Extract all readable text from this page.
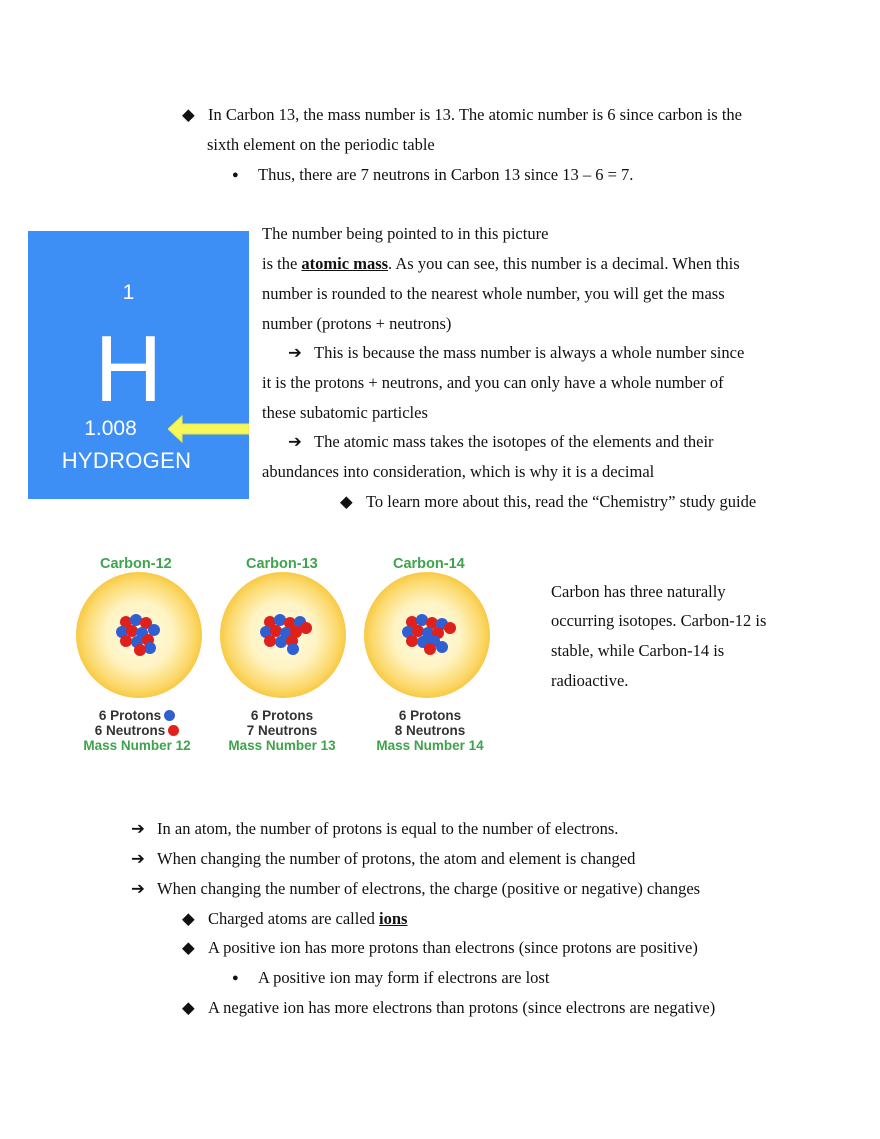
◆ In Carbon 13, the mass number is 13. The atomic number is 6 since carbon is the
sixth element on the periodic table
● Thus, there are 7 neutrons in Carbon 13 since 13 – 6 = 7.
1
H
1.008
HYDROGEN
The number being pointed to in this picture
is the atomic mass. As you can see, this number is a decimal. When this
number is rounded to the nearest whole number, you will get the mass
number (protons + neutrons)
➔ This is because the mass number is always a whole number since
it is the protons + neutrons, and you can only have a whole number of
these subatomic particles
➔ The atomic mass takes the isotopes of the elements and their
abundances into consideration, which is why it is a decimal
◆ To learn more about this, read the “Chemistry” study guide
Carbon-12
6 Protons
6 Neutrons
Mass Number 12
Carbon-13
6 Protons
7 Neutrons
Mass Number 13
Carbon-14
6 Protons
8 Neutrons
Mass Number 14
Carbon has three naturally
occurring isotopes. Carbon-12 is
stable, while Carbon-14 is
radioactive.
➔ In an atom, the number of protons is equal to the number of electrons.
➔ When changing the number of protons, the atom and element is changed
➔ When changing the number of electrons, the charge (positive or negative) changes
◆ Charged atoms are called ions
◆ A positive ion has more protons than electrons (since protons are positive)
● A positive ion may form if electrons are lost
◆ A negative ion has more electrons than protons (since electrons are negative)
